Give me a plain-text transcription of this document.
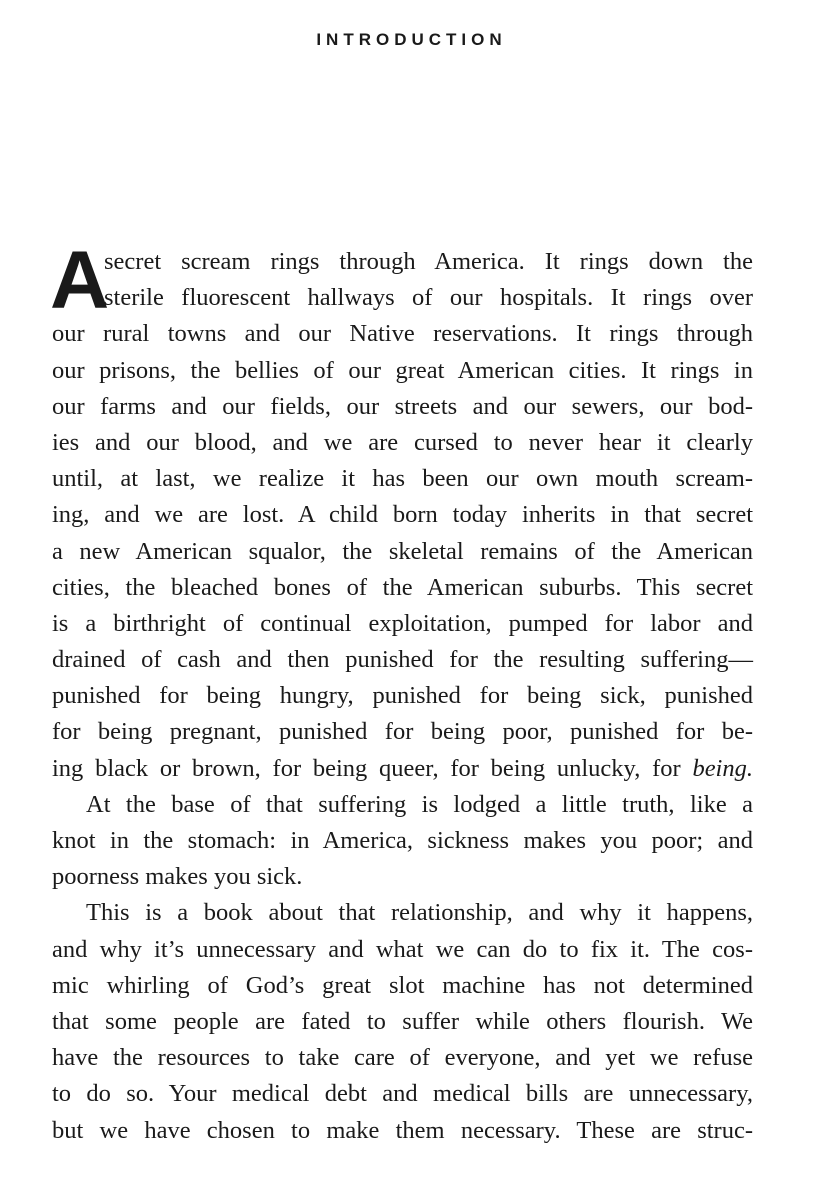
INTRODUCTION
A
secret scream rings through America. It rings down the
sterile fluorescent hallways of our hospitals. It rings over
our rural towns and our Native reservations. It rings through
our prisons, the bellies of our great American cities. It rings in
our farms and our fields, our streets and our sewers, our bod-
ies and our blood, and we are cursed to never hear it clearly
until, at last, we realize it has been our own mouth scream-
ing, and we are lost. A child born today inherits in that secret
a new American squalor, the skeletal remains of the American
cities, the bleached bones of the American suburbs. This secret
is a birthright of continual exploitation, pumped for labor and
drained of cash and then punished for the resulting suffering—
punished for being hungry, punished for being sick, punished
for being pregnant, punished for being poor, punished for be-
ing black or brown, for being queer, for being unlucky, for being.
At the base of that suffering is lodged a little truth, like a
knot in the stomach: in America, sickness makes you poor; and
poorness makes you sick.
This is a book about that relationship, and why it happens,
and why it’s unnecessary and what we can do to fix it. The cos-
mic whirling of God’s great slot machine has not determined
that some people are fated to suffer while others flourish. We
have the resources to take care of everyone, and yet we refuse
to do so. Your medical debt and medical bills are unnecessary,
but we have chosen to make them necessary. These are struc-
